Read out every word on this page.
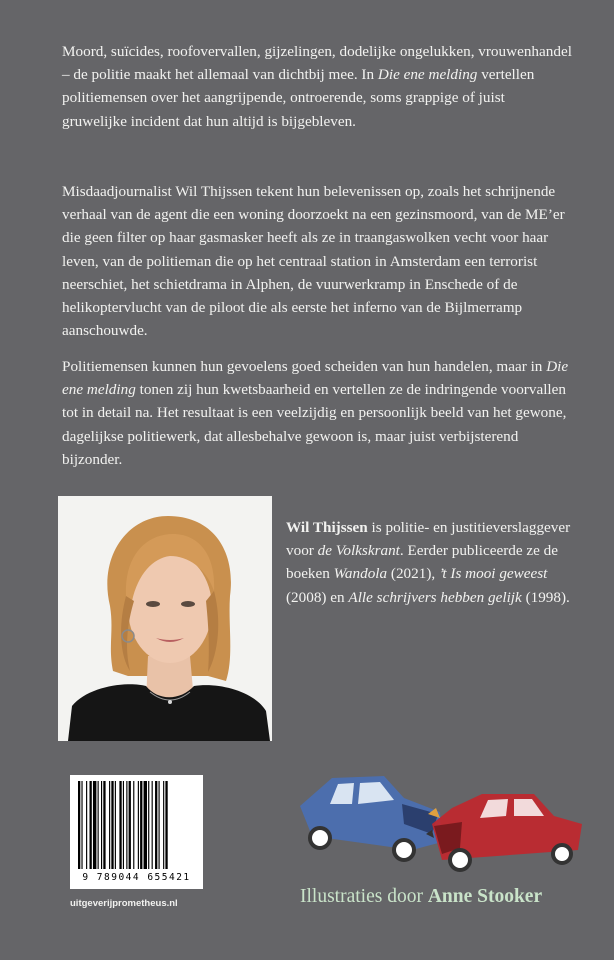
Moord, suïcides, roofovervallen, gijzelingen, dodelijke ongelukken, vrouwenhandel – de politie maakt het allemaal van dichtbij mee. In Die ene melding vertellen politiemensen over het aangrijpende, ontroerende, soms grappige of juist gruwelijke incident dat hun altijd is bijgebleven.

Misdaadjournalist Wil Thijssen tekent hun belevenissen op, zoals het schrijnende verhaal van de agent die een woning doorzoekt na een gezinsmoord, van de ME’er die geen filter op haar gasmasker heeft als ze in traangaswolken vecht voor haar leven, van de politieman die op het centraal station in Amsterdam een terrorist neerschiet, het schietdrama in Alphen, de vuurwerkramp in Enschede of de helikoptervlucht van de piloot die als eerste het inferno van de Bijlmerramp aanschouwde.

Politiemensen kunnen hun gevoelens goed scheiden van hun handelen, maar in Die ene melding tonen zij hun kwetsbaarheid en vertellen ze de indringende voorvallen tot in detail na. Het resultaat is een veelzijdig en persoonlijk beeld van het gewone, dagelijkse politiewerk, dat allesbehalve gewoon is, maar juist verbijsterend bijzonder.

Wil Thijssen is politie- en justitieverslaggever voor de Volkskrant. Eerder publiceerde ze de boeken Wandola (2021), ’t Is mooi geweest (2008) en Alle schrijvers hebben gelijk (1998).

9 789044 655421
uitgeverijprometheus.nl	Illustraties door Anne Stooker
